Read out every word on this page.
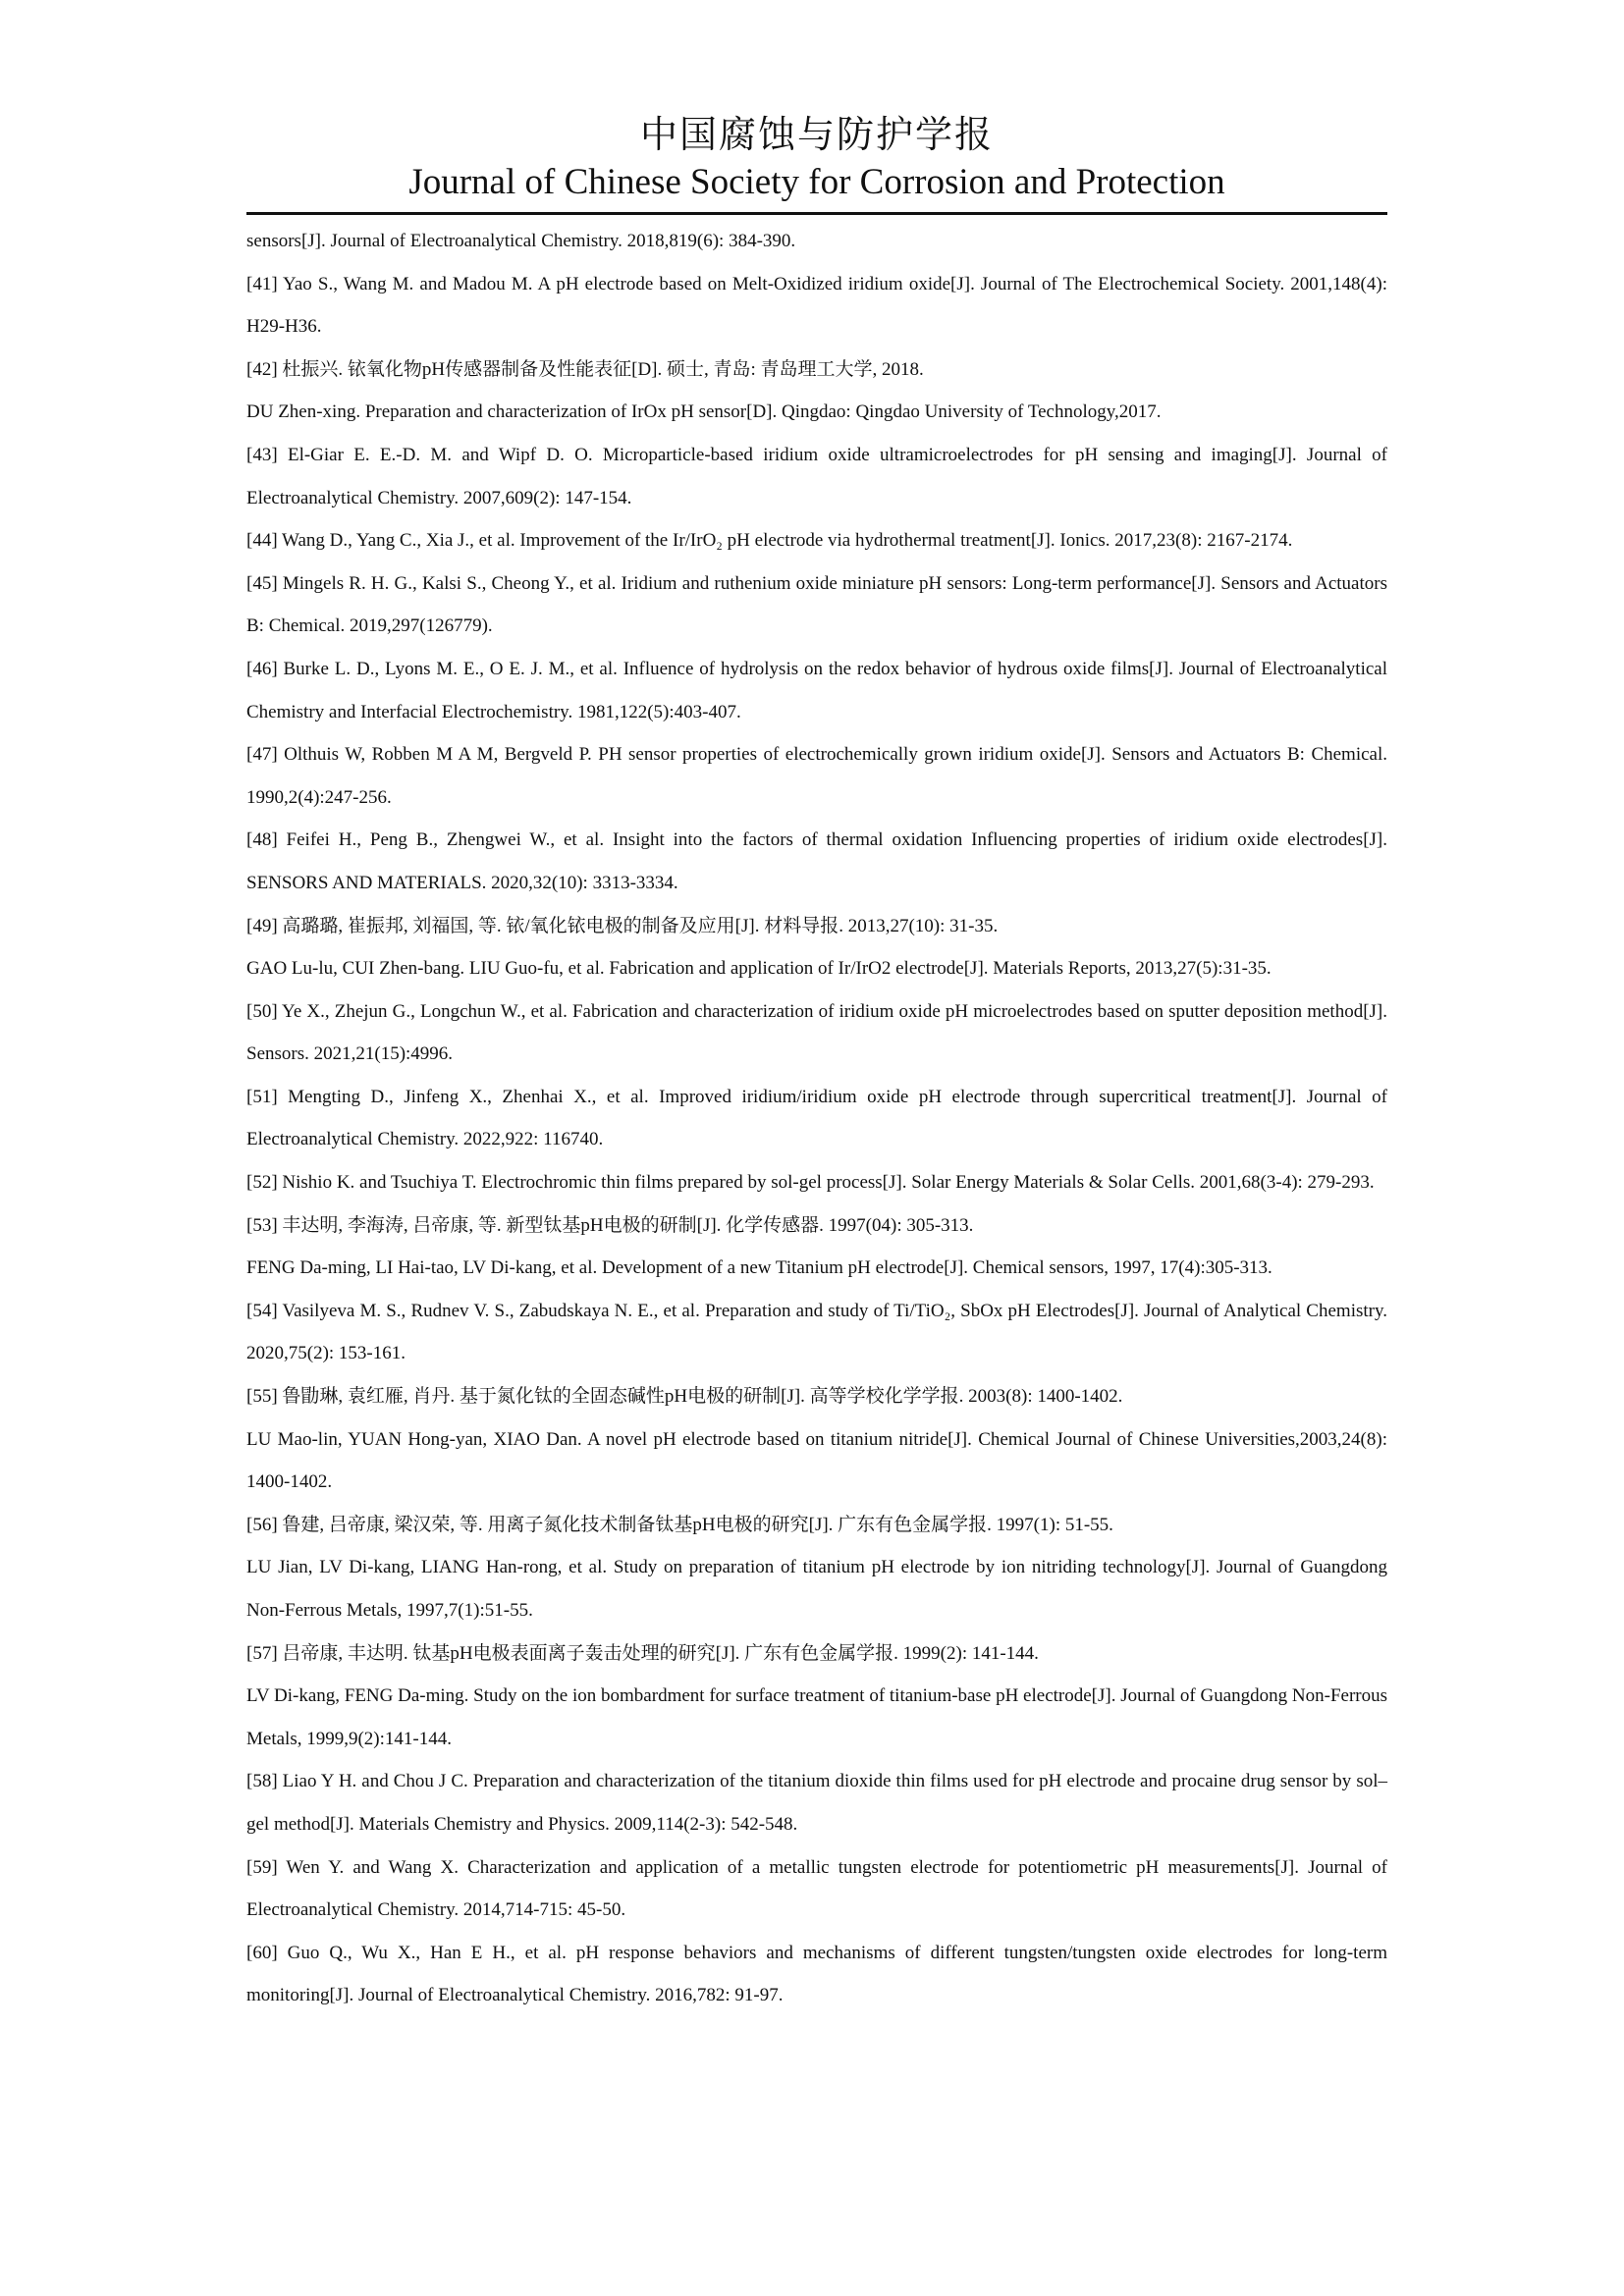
中国腐蚀与防护学报
Journal of Chinese Society for Corrosion and Protection

sensors[J]. Journal of Electroanalytical Chemistry. 2018,819(6): 384-390.

[41] Yao S., Wang M. and Madou M. A pH electrode based on Melt-Oxidized iridium oxide[J]. Journal of The Electrochemical Society. 2001,148(4): H29-H36.

[42] 杜振兴. 铱氧化物pH传感器制备及性能表征[D]. 硕士, 青岛: 青岛理工大学, 2018.

DU Zhen-xing. Preparation and characterization of IrOx pH sensor[D]. Qingdao: Qingdao University of Technology,2017.

[43] El-Giar E. E.-D. M. and Wipf D. O. Microparticle-based iridium oxide ultramicroelectrodes for pH sensing and imaging[J]. Journal of Electroanalytical Chemistry. 2007,609(2): 147-154.

[44] Wang D., Yang C., Xia J., et al. Improvement of the Ir/IrO₂ pH electrode via hydrothermal treatment[J]. Ionics. 2017,23(8): 2167-2174.

[45] Mingels R. H. G., Kalsi S., Cheong Y., et al. Iridium and ruthenium oxide miniature pH sensors: Long-term performance[J]. Sensors and Actuators B: Chemical. 2019,297(126779).

[46] Burke L. D., Lyons M. E., O E. J. M., et al. Influence of hydrolysis on the redox behavior of hydrous oxide films[J]. Journal of Electroanalytical Chemistry and Interfacial Electrochemistry. 1981,122(5):403-407.

[47] Olthuis W, Robben M A M, Bergveld P. PH sensor properties of electrochemically grown iridium oxide[J]. Sensors and Actuators B: Chemical. 1990,2(4):247-256.

[48] Feifei H., Peng B., Zhengwei W., et al. Insight into the factors of thermal oxidation Influencing properties of iridium oxide electrodes[J]. SENSORS AND MATERIALS. 2020,32(10): 3313-3334.

[49] 高璐璐, 崔振邦, 刘福国, 等. 铱/氧化铱电极的制备及应用[J]. 材料导报. 2013,27(10): 31-35.

GAO Lu-lu, CUI Zhen-bang. LIU Guo-fu, et al. Fabrication and application of Ir/IrO2 electrode[J]. Materials Reports, 2013,27(5):31-35.

[50] Ye X., Zhejun G., Longchun W., et al. Fabrication and characterization of iridium oxide pH microelectrodes based on sputter deposition method[J]. Sensors. 2021,21(15):4996.

[51] Mengting D., Jinfeng X., Zhenhai X., et al. Improved iridium/iridium oxide pH electrode through supercritical treatment[J]. Journal of Electroanalytical Chemistry. 2022,922: 116740.

[52] Nishio K. and Tsuchiya T. Electrochromic thin films prepared by sol-gel process[J]. Solar Energy Materials & Solar Cells. 2001,68(3-4): 279-293.

[53] 丰达明, 李海涛, 吕帝康, 等. 新型钛基pH电极的研制[J]. 化学传感器. 1997(04): 305-313.

FENG Da-ming, LI Hai-tao, LV Di-kang, et al. Development of a new Titanium pH electrode[J]. Chemical sensors, 1997, 17(4):305-313.

[54] Vasilyeva M. S., Rudnev V. S., Zabudskaya N. E., et al. Preparation and study of Ti/TiO₂, SbOx pH Electrodes[J]. Journal of Analytical Chemistry. 2020,75(2): 153-161.

[55] 鲁勖琳, 袁红雁, 肖丹. 基于氮化钛的全固态碱性pH电极的研制[J]. 高等学校化学学报. 2003(8): 1400-1402.

LU Mao-lin, YUAN Hong-yan, XIAO Dan. A novel pH electrode based on titanium nitride[J]. Chemical Journal of Chinese Universities,2003,24(8): 1400-1402.

[56] 鲁建, 吕帝康, 梁汉荣, 等. 用离子氮化技术制备钛基pH电极的研究[J]. 广东有色金属学报. 1997(1): 51-55.

LU Jian, LV Di-kang, LIANG Han-rong, et al. Study on preparation of titanium pH electrode by ion nitriding technology[J]. Journal of Guangdong Non-Ferrous Metals, 1997,7(1):51-55.

[57] 吕帝康, 丰达明. 钛基pH电极表面离子轰击处理的研究[J]. 广东有色金属学报. 1999(2): 141-144.

LV Di-kang, FENG Da-ming. Study on the ion bombardment for surface treatment of titanium-base pH electrode[J]. Journal of Guangdong Non-Ferrous Metals, 1999,9(2):141-144.

[58] Liao Y H. and Chou J C. Preparation and characterization of the titanium dioxide thin films used for pH electrode and procaine drug sensor by sol–gel method[J]. Materials Chemistry and Physics. 2009,114(2-3): 542-548.

[59] Wen Y. and Wang X. Characterization and application of a metallic tungsten electrode for potentiometric pH measurements[J]. Journal of Electroanalytical Chemistry. 2014,714-715: 45-50.

[60] Guo Q., Wu X., Han E H., et al. pH response behaviors and mechanisms of different tungsten/tungsten oxide electrodes for long-term monitoring[J]. Journal of Electroanalytical Chemistry. 2016,782: 91-97.
